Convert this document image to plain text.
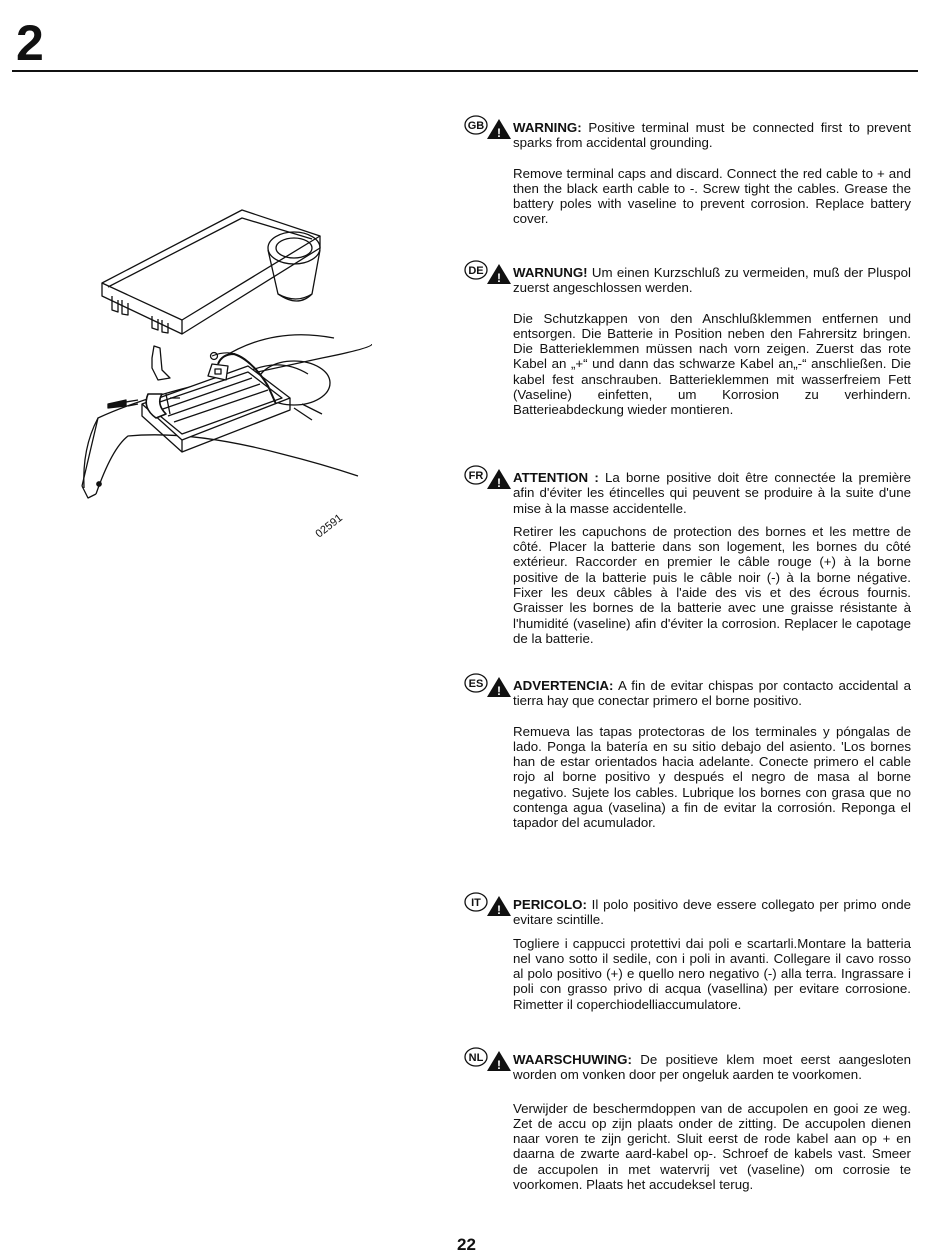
2
02591
GB ! WARNING: Positive terminal must be connected first to prevent sparks from accidental grounding.

Remove terminal caps and discard. Connect the red cable to + and then the black earth cable to -. Screw tight the cables. Grease the battery poles with vaseline to prevent corrosion. Replace battery cover.

DE ! WARNUNG! Um einen Kurzschluß zu vermeiden, muß der Pluspol zuerst angeschlossen werden.

Die Schutzkappen von den Anschlußklemmen entfernen und entsorgen. Die Batterie in Position neben den Fahrersitz bringen. Die Batterieklemmen müssen nach vorn zeigen. Zuerst das rote Kabel an „+“ und dann das schwarze Kabel an„-“ anschließen. Die kabel fest anschrauben. Batterieklemmen mit wasserfreiem Fett (Vaseline) einfetten, um Korrosion zu verhindern. Batterieabdeckung wieder montieren.

FR ! ATTENTION : La borne positive doit être connectée la première afin d'éviter les étincelles qui peuvent se produire à la suite d'une mise à la masse accidentelle.

Retirer les capuchons de protection des bornes et les mettre de côté. Placer la batterie dans son logement, les bornes du côté extérieur. Raccorder en premier le câble rouge (+) à la borne positive de la batterie puis le câble noir (-) à la borne négative. Fixer les deux câbles à l'aide des vis et des écrous fournis. Graisser les bornes de la batterie avec une graisse résistante à l'humidité (vaseline) afin d'éviter la corrosion. Replacer le capotage de la batterie.

ES ! ADVERTENCIA: A fin de evitar chispas por contacto accidental a tierra hay que conectar primero el borne positivo.

Remueva las tapas protectoras de los terminales y póngalas de lado. Ponga la batería en su sitio debajo del asiento. 'Los bornes han de estar orientados hacia adelante. Conecte primero el cable rojo al borne positivo y después el negro de masa al borne negativo. Sujete los cables. Lubrique los bornes con grasa que no contenga agua (vaselina) a fin de evitar la corrosión. Reponga el tapador del acumulador.

IT ! PERICOLO: Il polo positivo deve essere collegato per primo onde evitare scintille.

Togliere i cappucci protettivi dai poli e scartarli.Montare la batteria nel vano sotto il sedile, con i poli in avanti. Collegare il cavo rosso al polo positivo (+) e quello nero negativo (-) alla terra. Ingrassare i poli con grasso privo di acqua (vasellina) per evitare corrosione. Rimetter il coperchiodelliaccumulatore.

NL ! WAARSCHUWING: De positieve klem moet eerst aangesloten worden om vonken door per ongeluk aarden te voorkomen.

Verwijder de beschermdoppen van de accupolen en gooi ze weg. Zet de accu op zijn plaats onder de zitting. De accupolen dienen naar voren te zijn gericht. Sluit eerst de rode kabel aan op + en daarna de zwarte aard-kabel op-. Schroef de kabels vast. Smeer de accupolen in met watervrij vet (vaseline) om corrosie te voorkomen. Plaats het accudeksel terug.

22
